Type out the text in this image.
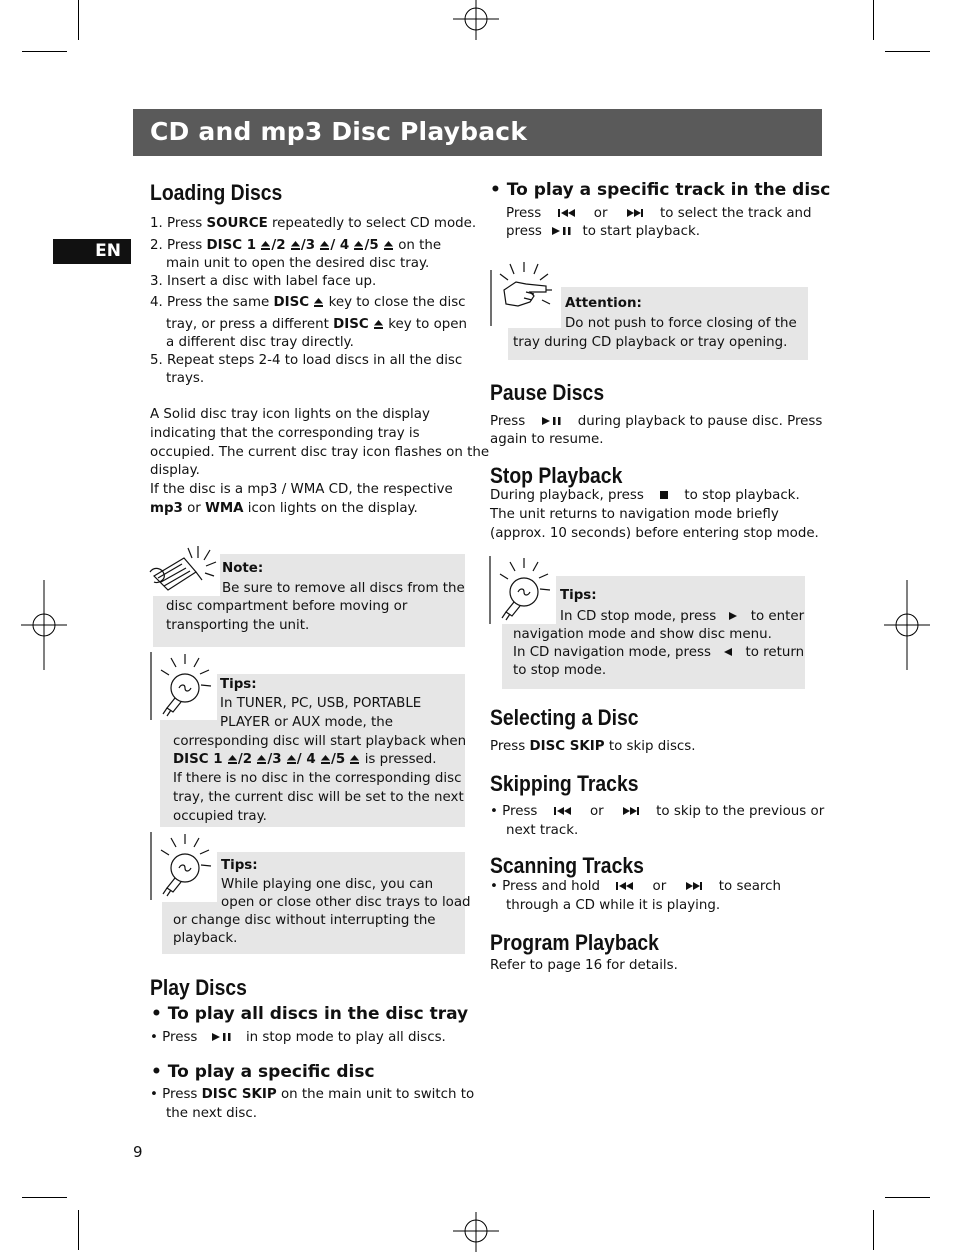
CD and mp3 Disc Playback
EN
Loading Discs
1. Press SOURCE repeatedly to select CD mode.
2. Press DISC 1 /2 /3 / 4 /5 on the
main unit to open the desired disc tray.
3. Insert a disc with label face up.
4. Press the same DISC key to close the disc
tray, or press a different DISC key to open
a different disc tray directly.
5. Repeat steps 2-4 to load discs in all the disc
trays.
A Solid disc tray icon lights on the display
indicating that the corresponding tray is
occupied. The current disc tray icon flashes on the
display.
If the disc is a mp3 / WMA CD, the respective
mp3 or WMA icon lights on the display.
Note:
Be sure to remove all discs from the
disc compartment before moving or
transporting the unit.
Tips:
In TUNER, PC, USB, PORTABLE
PLAYER or AUX mode, the
corresponding disc will start playback when
DISC 1 /2 /3 / 4 /5 is pressed.
If there is no disc in the corresponding disc
tray, the current disc will be set to the next
occupied tray.
Tips:
While playing one disc, you can
open or close other disc trays to load
or change disc without interrupting the
playback.
Play Discs
• To play all discs in the disc tray
• Press	in stop mode to play all discs.
• To play a specific disc
• Press DISC SKIP on the main unit to switch to
the next disc.
9
• To play a specific track in the disc
Press	or	to select the track and
press	to start playback.
Attention:
Do not push to force closing of the
tray during CD playback or tray opening.
Pause Discs
Press	during playback to pause disc. Press
again to resume.
Stop Playback
During playback, press	to stop playback.
The unit returns to navigation mode briefly
(approx. 10 seconds) before entering stop mode.
Tips:
In CD stop mode, press	to enter
navigation mode and show disc menu.
In CD navigation mode, press	to return
to stop mode.
Selecting a Disc
Press DISC SKIP to skip discs.
Skipping Tracks
• Press	or	to skip to the previous or
next track.
Scanning Tracks
• Press and hold	or	to search
through a CD while it is playing.
Program Playback
Refer to page 16 for details.
